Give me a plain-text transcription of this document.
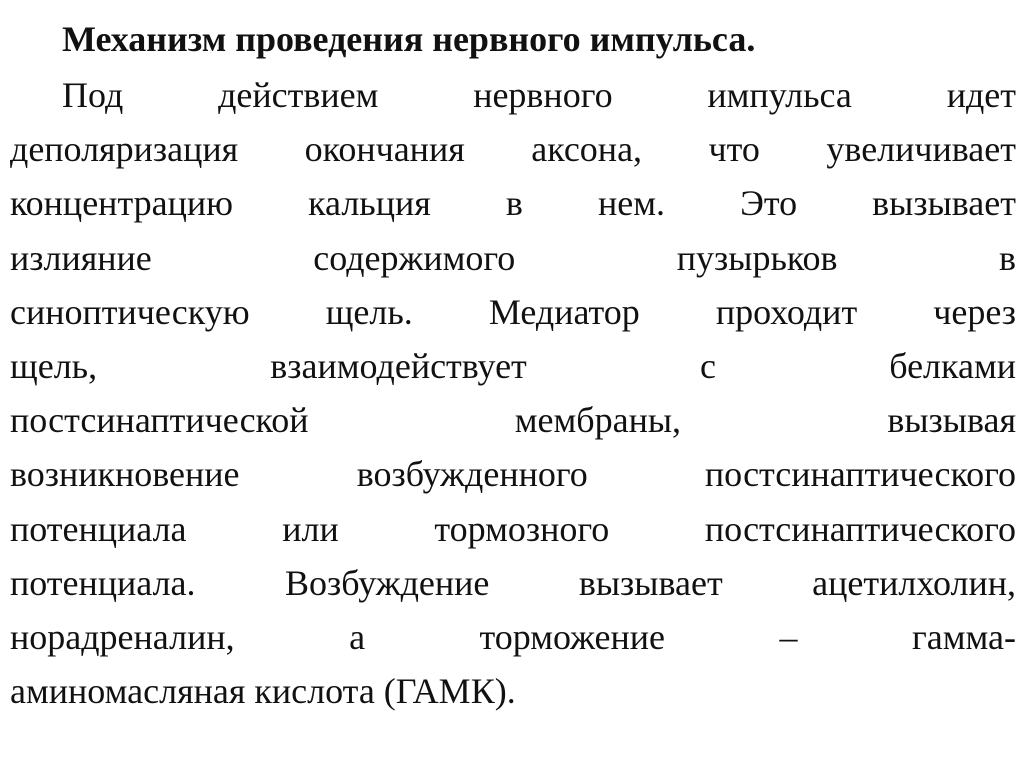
Механизм проведения нервного импульса.
Под действием нервного импульса идет
деполяризация окончания аксона, что увеличивает
концентрацию кальция в нем. Это вызывает
излияние содержимого пузырьков в
синоптическую щель. Медиатор проходит через
щель, взаимодействует с белками
постсинаптической мембраны, вызывая
возникновение возбужденного постсинаптического
потенциала или тормозного постсинаптического
потенциала. Возбуждение вызывает ацетилхолин,
норадреналин, а торможение – гамма-
аминомасляная кислота (ГАМК).
